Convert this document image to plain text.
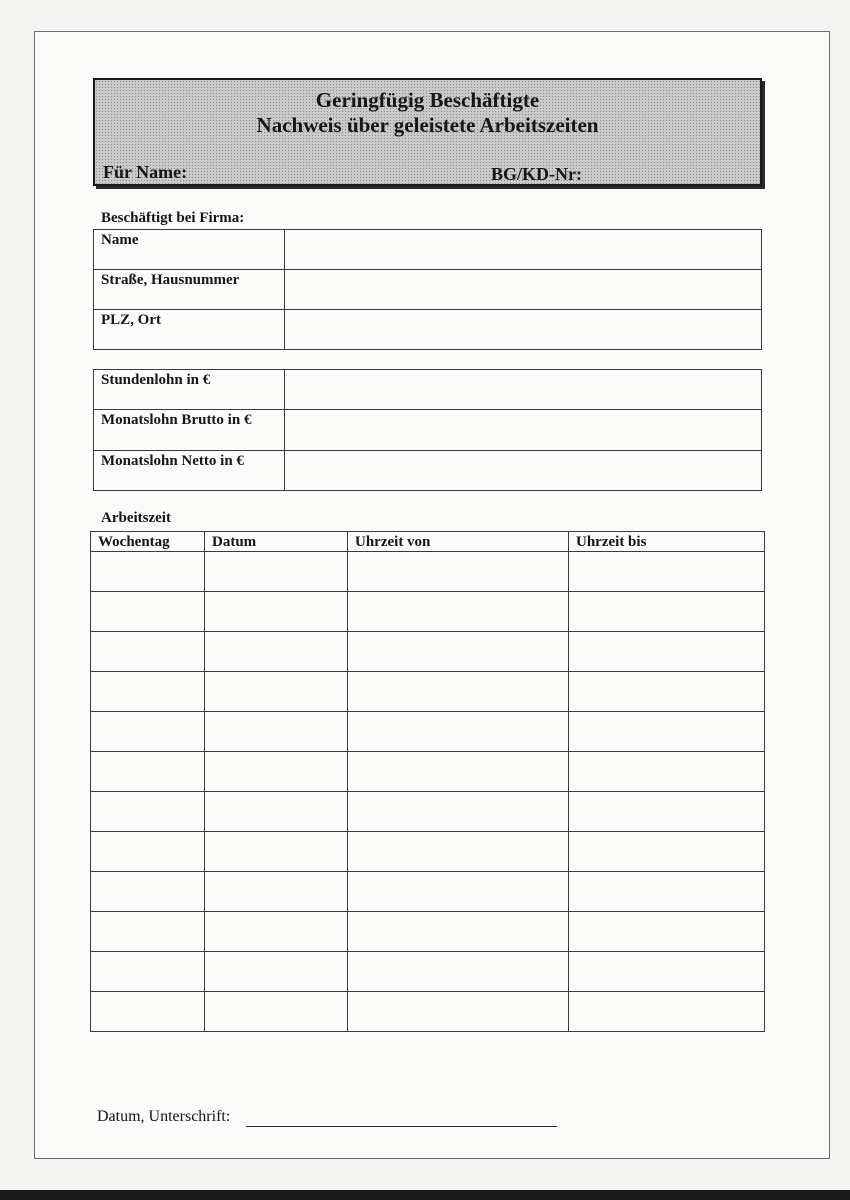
Geringfügig Beschäftigte
Nachweis über geleistete Arbeitszeiten
Für Name:	BG/KD-Nr:
Beschäftigt bei Firma:
Name	
Straße, Hausnummer	
PLZ, Ort	
Stundenlohn in €	
Monatslohn Brutto in €	
Monatslohn Netto in €	
Arbeitszeit
Wochentag	Datum	Uhrzeit von	Uhrzeit bis

Datum, Unterschrift:
